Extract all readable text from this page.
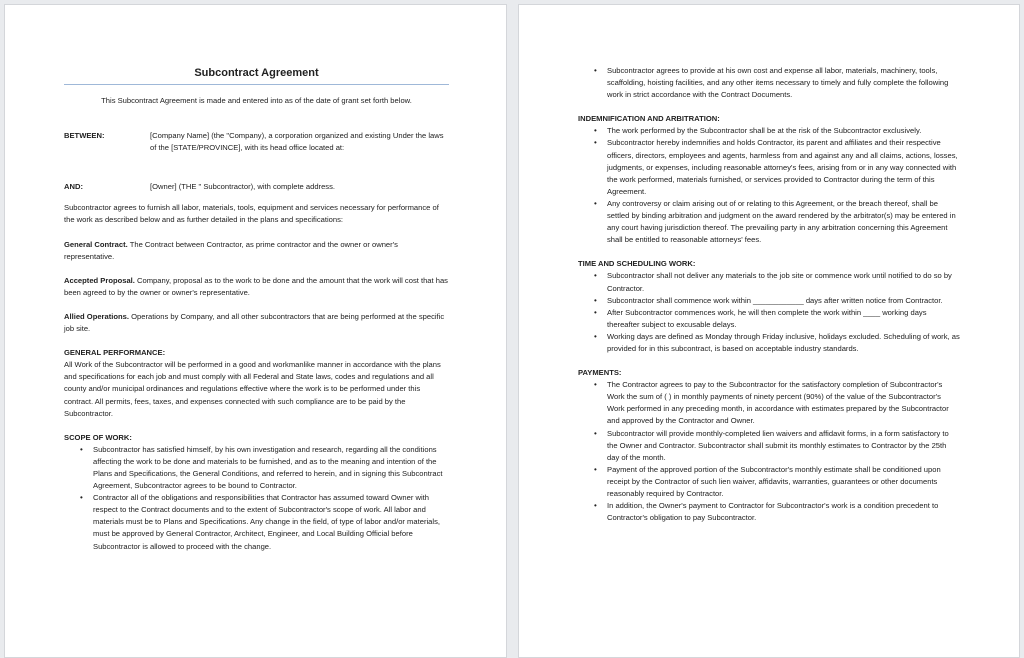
Subcontract Agreement

This Subcontract Agreement is made and entered into as of the date of grant set forth below.

BETWEEN:	[Company Name] (the "Company), a corporation organized and existing Under the laws of the [STATE/PROVINCE], with its head office located at:
AND:	[Owner] (THE " Subcontractor), with complete address.

Subcontractor agrees to furnish all labor, materials, tools, equipment and services necessary for performance of the work as described below and as further detailed in the plans and specifications:

General Contract. The Contract between Contractor, as prime contractor and the owner or owner's representative.

Accepted Proposal. Company, proposal as to the work to be done and the amount that the work will cost that has been agreed to by the owner or owner's representative.

Allied Operations. Operations by Company, and all other subcontractors that are being performed at the specific job site.

GENERAL PERFORMANCE:

All Work of the Subcontractor will be performed in a good and workmanlike manner in accordance with the plans and specifications for each job and must comply with all Federal and State laws, codes and regulations and all county and/or municipal ordinances and regulations effective where the work is to be performed under this contract. All permits, fees, taxes, and expenses connected with such compliance are to be paid by the Subcontractor.

SCOPE OF WORK:
• Subcontractor has satisfied himself, by his own investigation and research, regarding all the conditions affecting the work to be done and materials to be furnished, and as to the meaning and intention of the Plans and Specifications, the General Conditions, and referred to herein, and in signing this Subcontract Agreement, Subcontractor agrees to be bound to Contractor.
• Contractor all of the obligations and responsibilities that Contractor has assumed toward Owner with respect to the Contract documents and to the extent of Subcontractor's scope of work. All labor and materials must be to Plans and Specifications. Any change in the field, of type of labor and/or materials, must be approved by General Contractor, Architect, Engineer, and Local Building Official before Subcontractor is allowed to proceed with the change.
• Subcontractor agrees to provide at his own cost and expense all labor, materials, machinery, tools, scaffolding, hoisting facilities, and any other items necessary to timely and fully complete the following work in strict accordance with the Contract Documents.
INDEMNIFICATION AND ARBITRATION:
• The work performed by the Subcontractor shall be at the risk of the Subcontractor exclusively.
• Subcontractor hereby indemnifies and holds Contractor, its parent and affiliates and their respective officers, directors, employees and agents, harmless from and against any and all claims, actions, losses, judgments, or expenses, including reasonable attorney's fees, arising from or in any way connected with the work performed, materials furnished, or services provided to Contractor during the term of this Agreement.
• Any controversy or claim arising out of or relating to this Agreement, or the breach thereof, shall be settled by binding arbitration and judgment on the award rendered by the arbitrator(s) may be entered in any court having jurisdiction thereof. The prevailing party in any arbitration concerning this Agreement shall be entitled to reasonable attorneys' fees.
TIME AND SCHEDULING WORK:
• Subcontractor shall not deliver any materials to the job site or commence work until notified to do so by Contractor.
• Subcontractor shall commence work within ____________ days after written notice from Contractor.
• After Subcontractor commences work, he will then complete the work within ____ working days thereafter subject to excusable delays.
• Working days are defined as Monday through Friday inclusive, holidays excluded. Scheduling of work, as provided for in this subcontract, is based on acceptable industry standards.
PAYMENTS:
• The Contractor agrees to pay to the Subcontractor for the satisfactory completion of Subcontractor's Work the sum of ( ) in monthly payments of ninety percent (90%) of the value of the Subcontractor's Work performed in any preceding month, in accordance with estimates prepared by the Subcontractor and approved by the Contractor and Owner.
• Subcontractor will provide monthly-completed lien waivers and affidavit forms, in a form satisfactory to the Owner and Contractor. Subcontractor shall submit its monthly estimates to Contractor by the 25th day of the month.
• Payment of the approved portion of the Subcontractor's monthly estimate shall be conditioned upon receipt by the Contractor of such lien waiver, affidavits, warranties, guarantees or other documents reasonably required by Contractor.
• In addition, the Owner's payment to Contractor for Subcontractor's work is a condition precedent to Contractor's obligation to pay Subcontractor.
